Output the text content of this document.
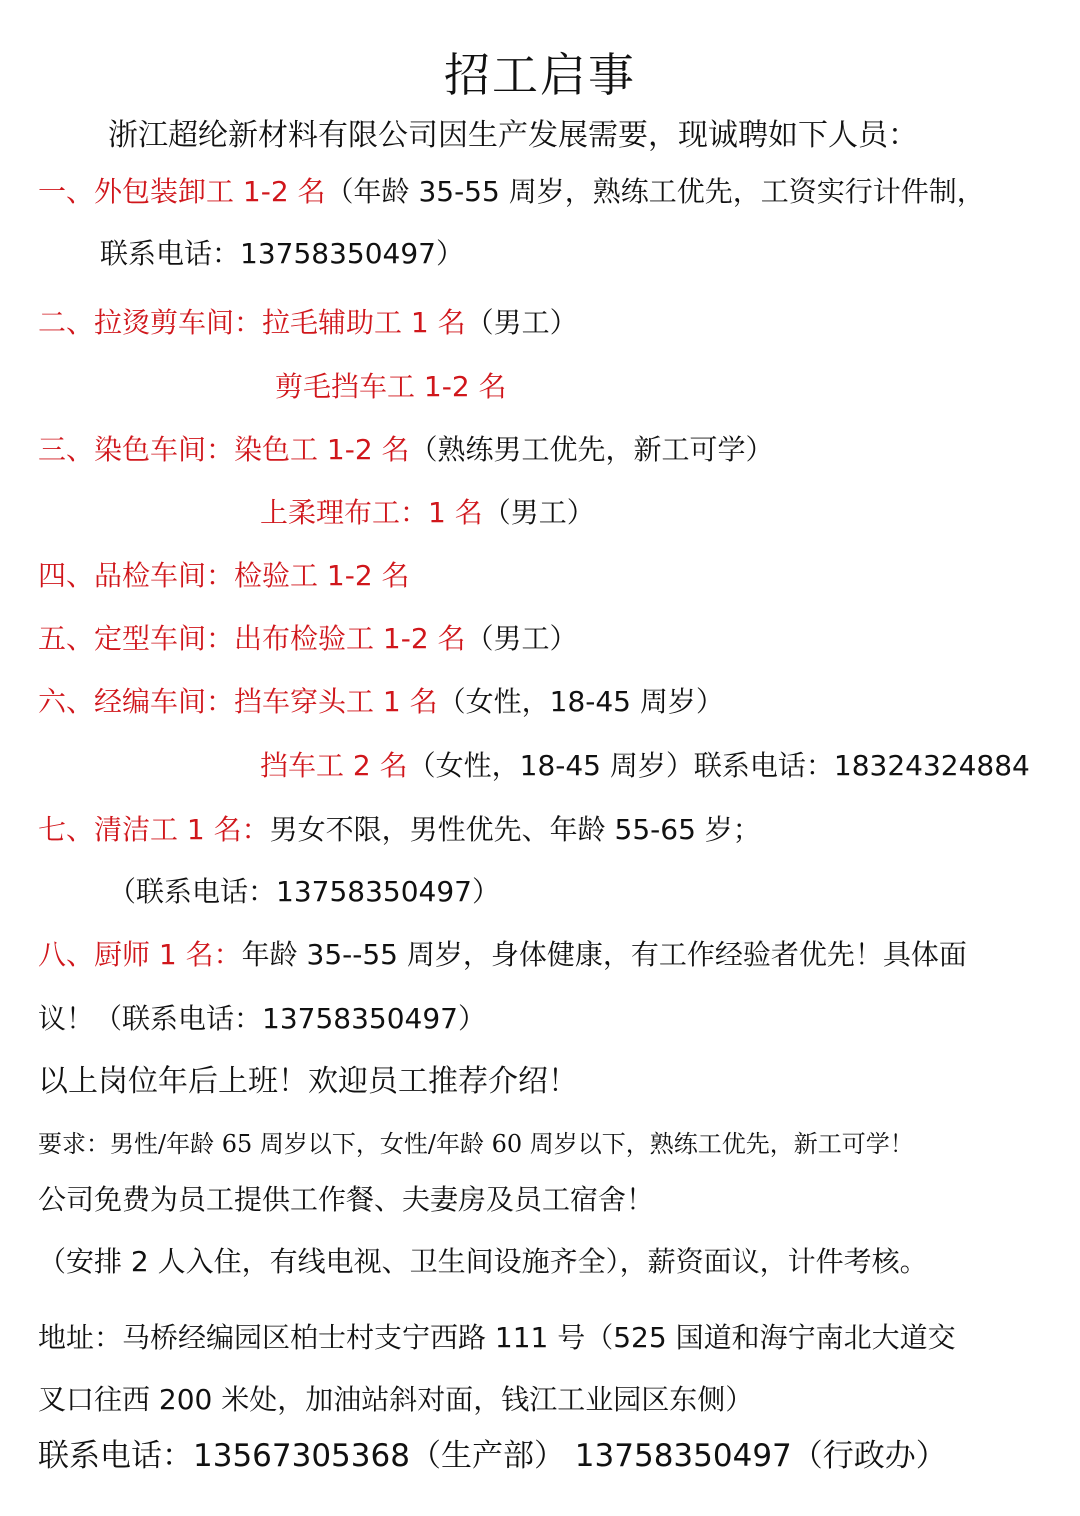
招工启事
浙江超纶新材料有限公司因生产发展需要，现诚聘如下人员：
一、外包装卸工 1-2 名（年龄 35-55 周岁，熟练工优先，工资实行计件制，
联系电话：13758350497）
二、拉烫剪车间：拉毛辅助工 1 名（男工）
剪毛挡车工 1-2 名
三、染色车间：染色工 1-2 名（熟练男工优先，新工可学）
上柔理布工：1 名（男工）
四、品检车间：检验工 1-2 名
五、定型车间：出布检验工 1-2 名（男工）
六、经编车间：挡车穿头工 1 名（女性，18-45 周岁）
挡车工 2 名（女性，18-45 周岁）联系电话：18324324884
七、清洁工 1 名：男女不限，男性优先、年龄 55-65 岁；
（联系电话：13758350497）
八、厨师 1 名：年龄 35--55 周岁，身体健康，有工作经验者优先！具体面
议！（联系电话：13758350497）
以上岗位年后上班！欢迎员工推荐介绍！
要求：男性/年龄 65 周岁以下，女性/年龄 60 周岁以下，熟练工优先，新工可学！
公司免费为员工提供工作餐、夫妻房及员工宿舍！
（安排 2 人入住，有线电视、卫生间设施齐全），薪资面议，计件考核。
地址：马桥经编园区柏士村支宁西路 111 号（525 国道和海宁南北大道交
叉口往西 200 米处，加油站斜对面，钱江工业园区东侧）
联系电话：13567305368（生产部） 13758350497（行政办）
